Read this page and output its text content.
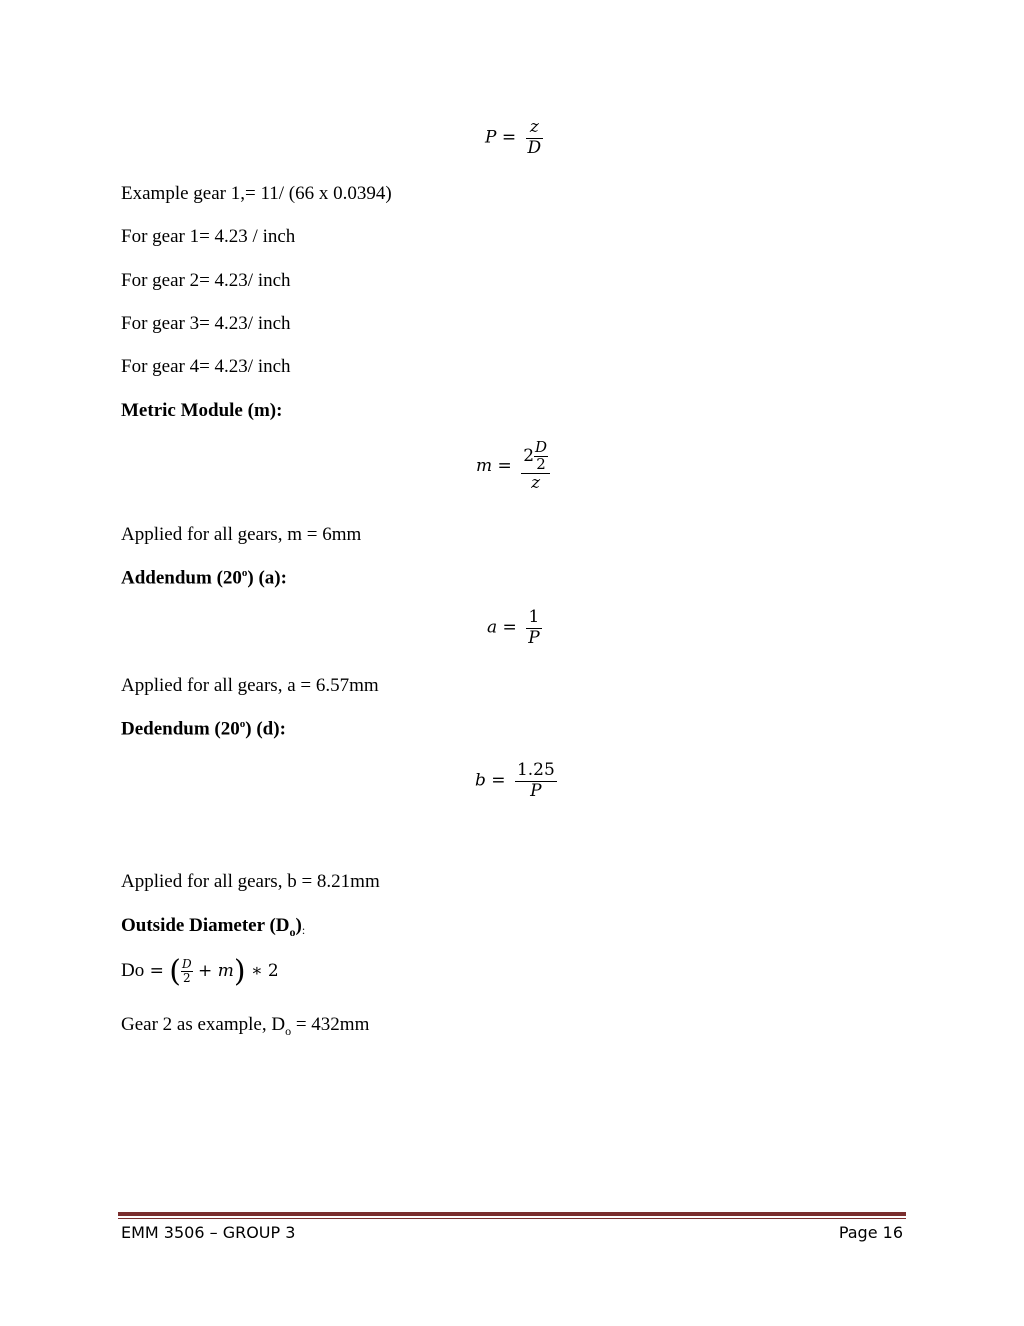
$P = \frac{z}{D}$
Example gear 1,= 11/ (66 x 0.0394)
For gear 1= 4.23 / inch
For gear 2= 4.23/ inch
For gear 3= 4.23/ inch
For gear 4= 4.23/ inch
Metric Module (m):
$m = \frac{2 \frac{D}{2}}{z}$
Applied for all gears, m = 6mm
Addendum (20$^o$) (a):
$a = \frac{1}{P}$
Applied for all gears, a = 6.57mm
Dedendum (20$^o$) (d):
$b = \frac{1.25}{P}$
Applied for all gears, b = 8.21mm
Outside Diameter $(D_o)$:
Do = ( $\frac{D}{2} + m$) ∗ 2
Gear 2 as example, $D_o = 432mm$
EMM 3506 – GROUP 3	Page 16
